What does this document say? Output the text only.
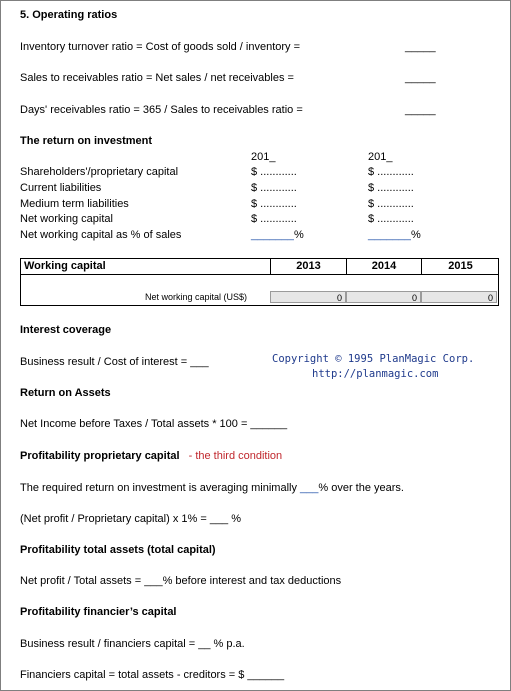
5. Operating ratios
Inventory turnover ratio = Cost of goods sold / inventory =	_____
Sales to receivables ratio = Net sales / net receivables =	_____
Days' receivables ratio = 365 / Sales to receivables ratio =	_____
The return on investment
201_	201_
Shareholders'/proprietary capital	$ ............	$ ............
Current liabilities	$ ............	$ ............
Medium term liabilities	$ ............	$ ............
Net working capital	$ ............	$ ............
Net working capital as % of sales	_______ %	_______ %
Working capital	2013	2014	2015
Net working capital (US$)	0	0	0
Interest coverage
Business result / Cost of interest = ___	Copyright © 1995 PlanMagic Corp.
http://planmagic.com
Return on Assets
Net Income before Taxes / Total assets * 100 = ______
Profitability proprietary capital - the third condition
The required return on investment is averaging minimally ___% over the years.
(Net profit / Proprietary capital) x 1% = ___ %
Profitability total assets (total capital)
Net profit / Total assets = ___% before interest and tax deductions
Profitability financier’s capital
Business result / financiers capital = __ % p.a.
Financiers capital = total assets - creditors = $ ______
